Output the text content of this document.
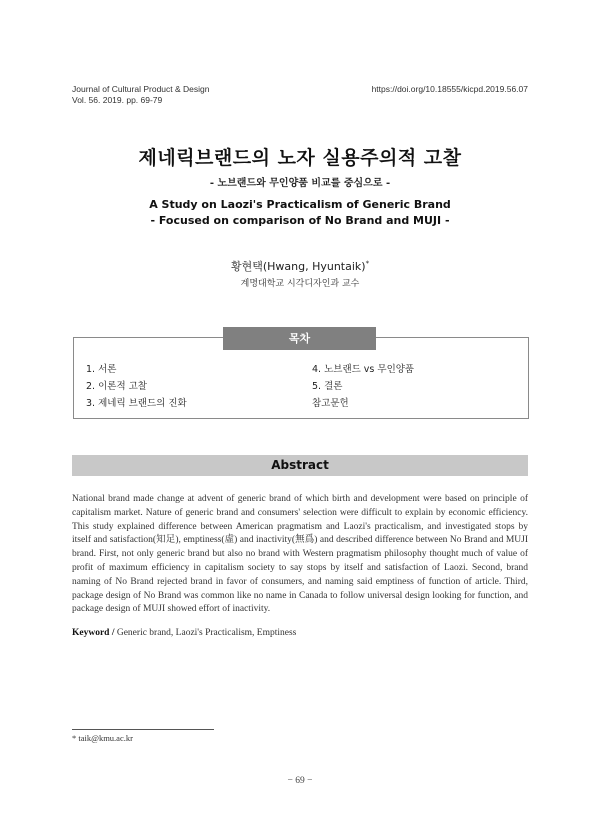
Journal of Cultural Product & Design
Vol. 56. 2019. pp. 69-79
https://doi.org/10.18555/kicpd.2019.56.07
제네릭브랜드의 노자 실용주의적 고찰
- 노브랜드와 무인양품 비교를 중심으로 -
A Study on Laozi's Practicalism of Generic Brand
- Focused on comparison of No Brand and MUJI -
황현택(Hwang, Hyuntaik)*
계명대학교 시각디자인과 교수
목차
1. 서론
2. 이론적 고찰
3. 제네릭 브랜드의 진화
4. 노브랜드 vs 무인양품
5. 결론
참고문헌
Abstract
National brand made change at advent of generic brand of which birth and development were based on principle of capitalism market. Nature of generic brand and consumers' selection were difficult to explain by economic efficiency. This study explained difference between American pragmatism and Laozi's practicalism, and investigated stops by itself and satisfaction(知足), emptiness(虛) and inactivity(無爲) and described difference between No Brand and MUJI brand. First, not only generic brand but also no brand with Western pragmatism philosophy thought much of value of profit of maximum efficiency in capitalism society to say stops by itself and satisfaction of Laozi. Second, brand naming of No Brand rejected brand in favor of consumers, and naming said emptiness of function of article. Third, package design of No Brand was common like no name in Canada to follow universal design looking for function, and package design of MUJI showed effort of inactivity.
Keyword / Generic brand, Laozi's Practicalism, Emptiness
* taik@kmu.ac.kr
− 69 −
